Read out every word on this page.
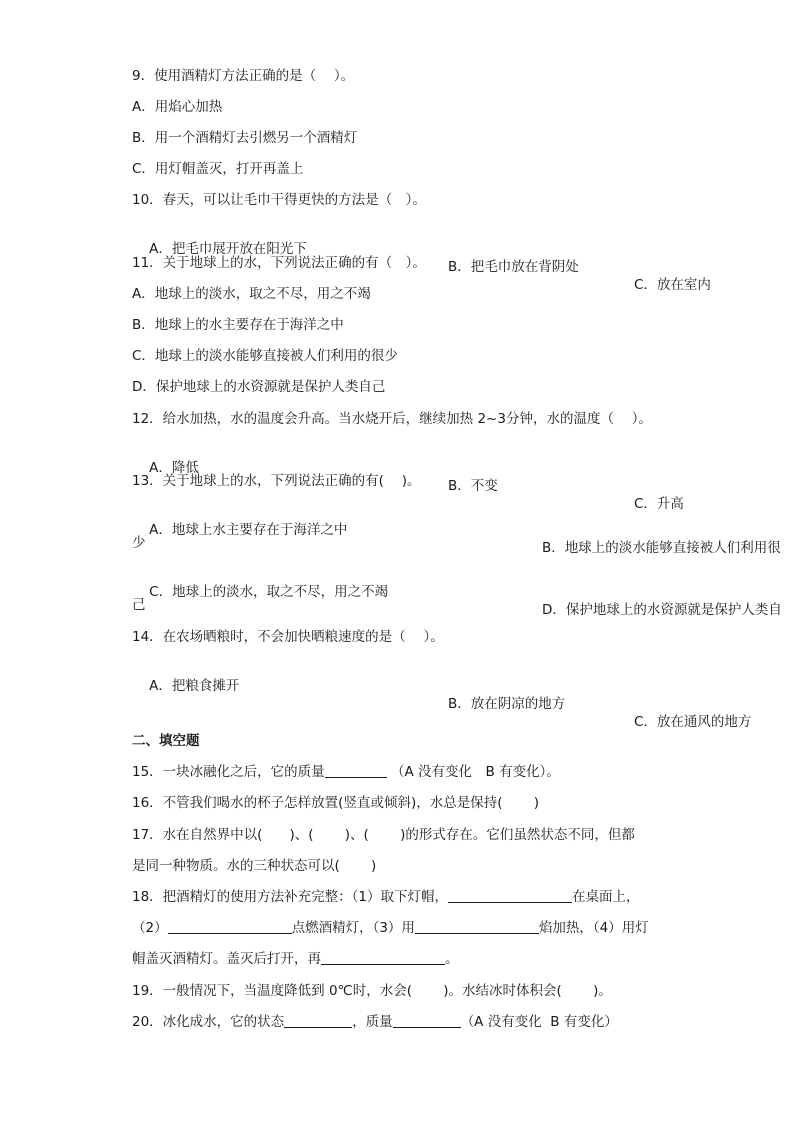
9．使用酒精灯方法正确的是（　 ）。
A．用焰心加热
B．用一个酒精灯去引燃另一个酒精灯
C．用灯帽盖灭，打开再盖上
10．春天，可以让毛巾干得更快的方法是（　）。

A．把毛巾展开放在阳光下

B．把毛巾放在背阴处

C．放在室内

11．关于地球上的水，下列说法正确的有（　）。
A．地球上的淡水，取之不尽，用之不竭
B．地球上的水主要存在于海洋之中
C．地球上的淡水能够直接被人们利用的很少
D．保护地球上的水资源就是保护人类自己
12．给水加热，水的温度会升高。当水烧开后，继续加热 2~3分钟，水的温度（　 ）。

A．降低

B．不变

C．升高

13．关于地球上的水，下列说法正确的有(　 )。

A．地球上水主要存在于海洋之中

B．地球上的淡水能够直接被人们利用很

少

C．地球上的淡水，取之不尽，用之不竭

D．保护地球上的水资源就是保护人类自

己
14．在农场晒粮时，不会加快晒粮速度的是（　 ）。

A．把粮食摊开

B．放在阴凉的地方

C．放在通风的地方

二、填空题
15．一块冰融化之后，它的质量	（A 没有变化　B 有变化）。
16．不管我们喝水的杯子怎样放置(竖直或倾斜)，水总是保持(　　 )
17．水在自然界中以(　　)、(　　 )、(　　 )的形式存在。它们虽然状态不同，但都
是同一种物质。水的三种状态可以(　　 )
18．把酒精灯的使用方法补充完整：（1）取下灯帽，	在桌面上，
（2）	点燃酒精灯，（3）用	焰加热，（4）用灯
帽盖灭酒精灯。盖灭后打开，再	。
19．一般情况下，当温度降低到 0℃时，水会(　　 )。水结冰时体积会(　　 )。
20．冰化成水，它的状态	，质量	（A 没有变化  B 有变化）
